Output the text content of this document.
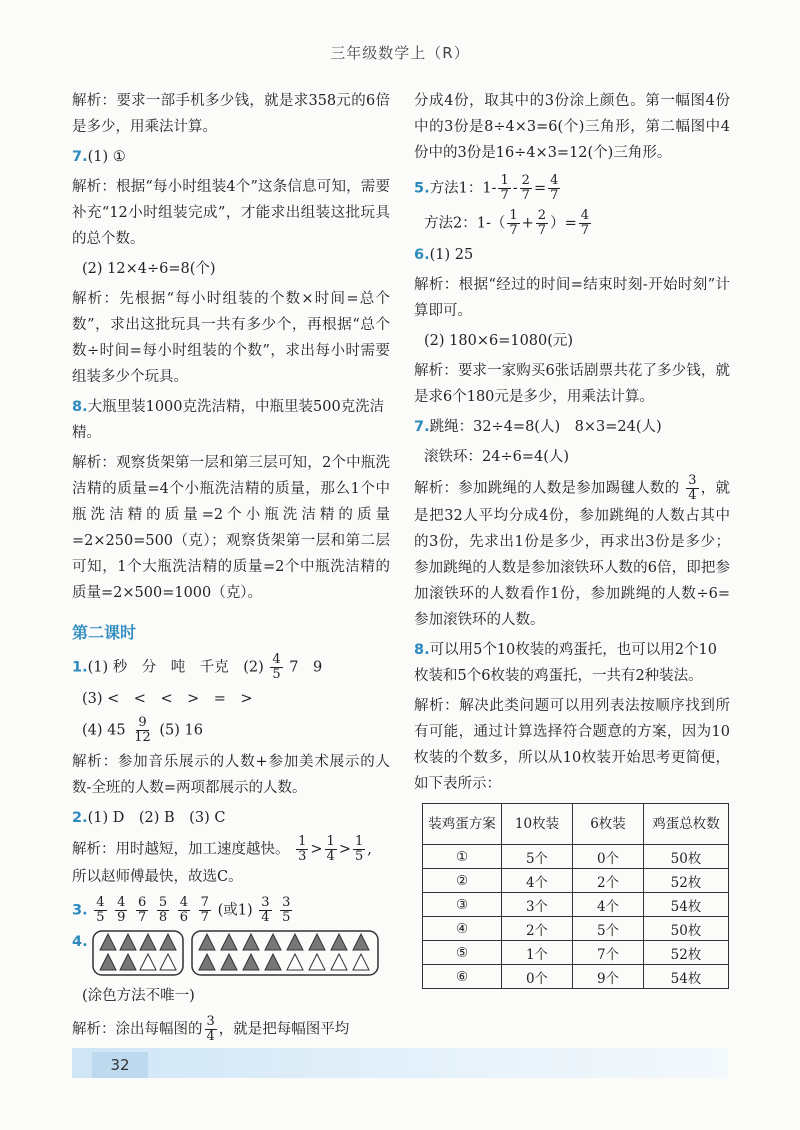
三年级数学上（R）

解析：要求一部手机多少钱，就是求358元的6倍是多少，用乘法计算。

7.(1) ①

解析：根据“每小时组装4个”这条信息可知，需要补充“12小时组装完成”，才能求出组装这批玩具的总个数。

(2) 12×4÷6=8(个)

解析：先根据“每小时组装的个数×时间=总个数”，求出这批玩具一共有多少个，再根据“总个数÷时间=每小时组装的个数”，求出每小时需要组装多少个玩具。

8.大瓶里装1000克洗洁精，中瓶里装500克洗洁精。

解析：观察货架第一层和第三层可知，2个中瓶洗洁精的质量=4个小瓶洗洁精的质量，那么1个中瓶洗洁精的质量=2个小瓶洗洁精的质量=2×250=500（克）；观察货架第一层和第二层可知，1个大瓶洗洁精的质量=2个中瓶洗洁精的质量=2×500=1000（克）。

第二课时
1.(1) 秒　分　吨　千克　$(2) \frac{4}{5} 7$　9
(3) <　<　<　>　=　>
(4) $45 \frac{9}{12} (5)$ 16

解析：参加音乐展示的人数+参加美术展示的人数-全班的人数=两项都展示的人数。

2.(1) D　(2) B　(3) C
解析：用时越短，加工速度越快。 $\frac{1}{3} > \frac{1}{4} > \frac{1}{5}$ ,
所以赵师傅最快，故选C。
3. $\frac{4}{5}$
$\frac{4}{9}$
$\frac{6}{7}$
$\frac{5}{8}$
$\frac{4}{6}$
$\frac{7}{7}$ (或$1) \frac{3}{4}$
$\frac{3}{5}$
4.
(涂色方法不唯一)
解析：涂出每幅图的 $\frac{3}{4}$ ，就是把每幅图平均

分成4份，取其中的3份涂上颜色。第一幅图4份中的3份是8÷4×3=6(个)三角形，第二幅图中4份中的3份是16÷4×3=12(个)三角形。

5.方法1：$1- \frac{1}{7} - \frac{2}{7} = \frac{4}{7}$
方法2：$1-( \frac{1}{7} + \frac{2}{7}$ ）= $\frac{4}{7}$
6.(1) 25

解析：根据“经过的时间=结束时刻-开始时刻”计算即可。

(2) 180×6=1080(元)

解析：要求一家购买6张话剧票共花了多少钱，就是求6个180元是多少，用乘法计算。

7.跳绳：32÷4=8(人)　8×3=24(人)
滚铁环：24÷6=4(人)
解析：参加跳绳的人数是参加踢毽人数的 $\frac{3}{4}$ ，就是把32人平均分成4份，参加跳绳的人数占其中的3份，先求出1份是多少，再求出3份是多少；参加跳绳的人数是参加滚铁环人数的6倍，即把参加滚铁环的人数看作1份，参加跳绳的人数÷6=参加滚铁环的人数。
8.可以用5个10枚装的鸡蛋托，也可以用2个10枚装和5个6枚装的鸡蛋托，一共有2种装法。

解析：解决此类问题可以用列表法按顺序找到所有可能，通过计算选择符合题意的方案，因为10枚装的个数多，所以从10枚装开始思考更简便，如下表所示：

装鸡蛋方案	10枚装	6枚装	鸡蛋总枚数
①	5个	0个	50枚
②	4个	2个	52枚
③	3个	4个	54枚
④	2个	5个	50枚
⑤	1个	7个	52枚
⑥	0个	9个	54枚
32
